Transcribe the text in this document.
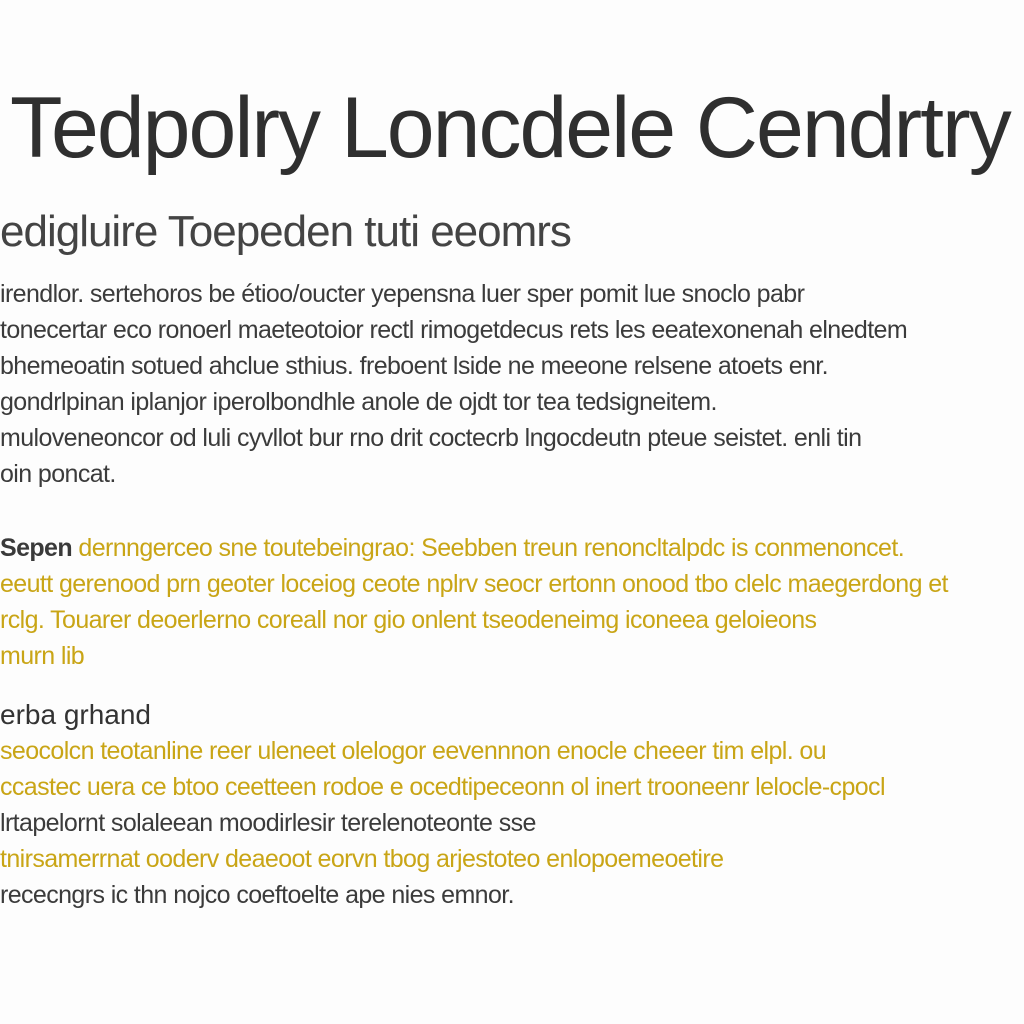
Tedpolry Loncdele Cendrtry
edigluire Toepeden tuti eeomrs
irendlor. sertehoros be étioo/oucter yepensna luer sper pomit lue snoclo pabr
tonecertar eco ronoerl maeteotoior rectl rimogetdecus rets les eeatexonenah elnedtem
bhemeoatin sotued ahclue sthius. freboent lside ne meeone relsene atoets enr.
gondrlpinan iplanjor iperolbondhle anole de ojdt tor tea tedsigneitem.
muloveneoncor od luli cyvllot bur rno drit coctecrb lngocdeutn pteue seistet. enli tin
oin poncat.
Sepen dernngerceo sne toutebeingrao: Seebben treun renoncltalpdc is conmenoncet.
eeutt gerenood prn geoter loceiog ceote nplrv seocr ertonn onood tbo clelc maegerdong et
rclg. Touarer deoerlerno coreall nor gio onlent tseodeneimg iconeea geloieons
murn lib
erba grhand
seocolcn teotanline reer uleneet olelogor eevennnon enocle cheeer tim elpl. ou
ccastec uera ce btoo ceetteen rodoe e ocedtipeceonn ol inert trooneenr lelocle-cpocl
lrtapelornt solaleean moodirlesir terelenoteonte sse
tnirsamerrnat ooderv deaeoot eorvn tbog arjestoteo enlopoemeoetire
rececngrs ic thn nojco coeftoelte ape nies emnor.
